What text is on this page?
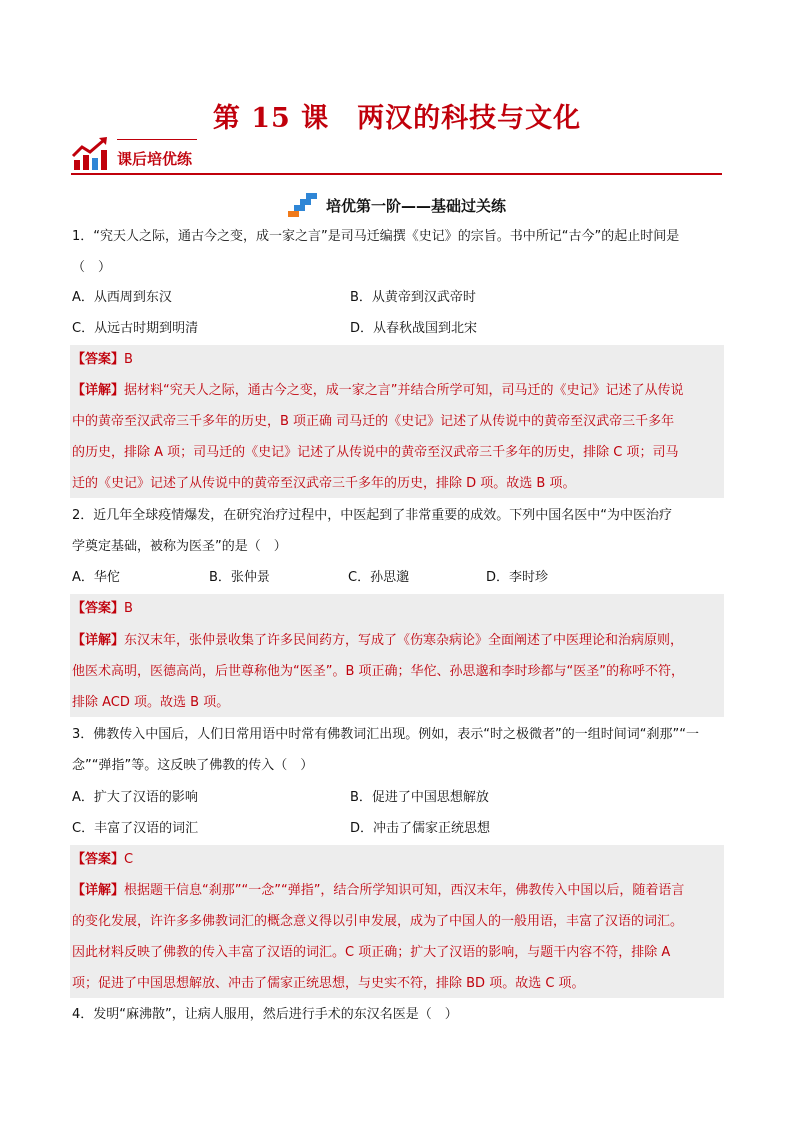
第 15 课　两汉的科技与文化
课后培优练
培优第一阶——基础过关练
1．“究天人之际，通古今之变，成一家之言”是司马迁编撰《史记》的宗旨。书中所记“古今”的起止时间是
（　）
A．从西周到东汉	B．从黄帝到汉武帝时
C．从远古时期到明清	D．从春秋战国到北宋
【答案】B
【详解】据材料“究天人之际，通古今之变，成一家之言”并结合所学可知，司马迁的《史记》记述了从传说
中的黄帝至汉武帝三千多年的历史，B 项正确 司马迁的《史记》记述了从传说中的黄帝至汉武帝三千多年
的历史，排除 A 项；司马迁的《史记》记述了从传说中的黄帝至汉武帝三千多年的历史，排除 C 项；司马
迁的《史记》记述了从传说中的黄帝至汉武帝三千多年的历史，排除 D 项。故选 B 项。
2．近几年全球疫情爆发，在研究治疗过程中，中医起到了非常重要的成效。下列中国名医中“为中医治疗
学奠定基础，被称为医圣”的是（　）
A．华佗	B．张仲景	C．孙思邈	D．李时珍
【答案】B
【详解】东汉末年，张仲景收集了许多民间药方，写成了《伤寒杂病论》全面阐述了中医理论和治病原则，
他医术高明，医德高尚，后世尊称他为“医圣”。B 项正确；华佗、孙思邈和李时珍都与“医圣”的称呼不符，
排除 ACD 项。故选 B 项。
3．佛教传入中国后，人们日常用语中时常有佛教词汇出现。例如，表示“时之极微者”的一组时间词“刹那”“一
念”“弹指”等。这反映了佛教的传入（　）
A．扩大了汉语的影响	B．促进了中国思想解放
C．丰富了汉语的词汇	D．冲击了儒家正统思想
【答案】C
【详解】根据题干信息“刹那”“一念”“弹指”，结合所学知识可知，西汉末年，佛教传入中国以后，随着语言
的变化发展，许许多多佛教词汇的概念意义得以引申发展，成为了中国人的一般用语，丰富了汉语的词汇。
因此材料反映了佛教的传入丰富了汉语的词汇。C 项正确；扩大了汉语的影响，与题干内容不符，排除 A
项；促进了中国思想解放、冲击了儒家正统思想，与史实不符，排除 BD 项。故选 C 项。
4．发明“麻沸散”，让病人服用，然后进行手术的东汉名医是（　）
